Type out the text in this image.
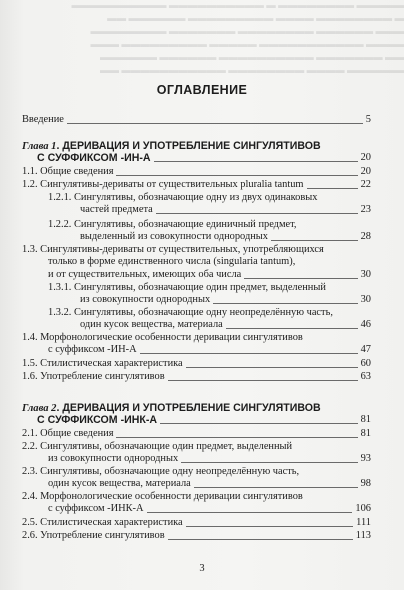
▬▬▬▬▬ ▬▬▬▬▬▬▬▬ ▬ ▬▬▬▬▬▬▬▬▬▬ ▬▬▬▬▬▬▬▬▬▬
▬ ▬▬▬▬▬▬▬▬ ▬▬▬▬ ▬▬▬▬▬▬▬▬▬ ▬▬▬▬▬▬ ▬▬
▬▬▬ ▬▬▬▬▬▬ ▬▬▬▬▬▬▬▬ ▬▬▬▬▬▬▬ ▬▬▬▬▬▬▬▬
▬▬▬▬ ▬▬▬▬▬▬▬▬▬▬▬ ▬▬▬▬▬ ▬▬▬▬▬▬▬▬▬ ▬▬▬
▬▬ ▬▬▬▬▬▬▬ ▬▬▬▬▬▬▬▬▬▬ ▬▬▬▬▬▬ ▬▬▬▬▬▬
▬▬▬▬▬▬ ▬▬▬▬ ▬▬▬▬▬▬▬▬ ▬▬▬▬▬▬▬▬▬▬▬ ▬▬
ОГЛАВЛЕНИЕ
Введение	5
Глава 1. ДЕРИВАЦИЯ И УПОТРЕБЛЕНИЕ СИНГУЛЯТИВОВ
С СУФФИКСОМ -ИН-А	20
1.1. Общие сведения	20
1.2. Сингулятивы-дериваты от существительных pluralia tantum	22
1.2.1. Сингулятивы, обозначающие одну из двух одинаковых
частей предмета	23
1.2.2. Сингулятивы, обозначающие единичный предмет,
выделенный из совокупности однородных	28
1.3. Сингулятивы-дериваты от существительных, употребляющихся
только в форме единственного числа (singularia tantum),
и от существительных, имеющих оба числа	30
1.3.1. Сингулятивы, обозначающие один предмет, выделенный
из совокупности однородных	30
1.3.2. Сингулятивы, обозначающие одну неопределённую часть,
один кусок вещества, материала	46
1.4. Морфонологические особенности деривации сингулятивов
с суффиксом -ИН-А	47
1.5. Стилистическая характеристика	60
1.6. Употребление сингулятивов	63
Глава 2. ДЕРИВАЦИЯ И УПОТРЕБЛЕНИЕ СИНГУЛЯТИВОВ
С СУФФИКСОМ -ИНК-А	81
2.1. Общие сведения	81
2.2. Сингулятивы, обозначающие один предмет, выделенный
из совокупности однородных	93
2.3. Сингулятивы, обозначающие одну неопределённую часть,
один кусок вещества, материала	98
2.4. Морфонологические особенности деривации сингулятивов
с суффиксом -ИНК-А	106
2.5. Стилистическая характеристика	111
2.6. Употребление сингулятивов	113
3
